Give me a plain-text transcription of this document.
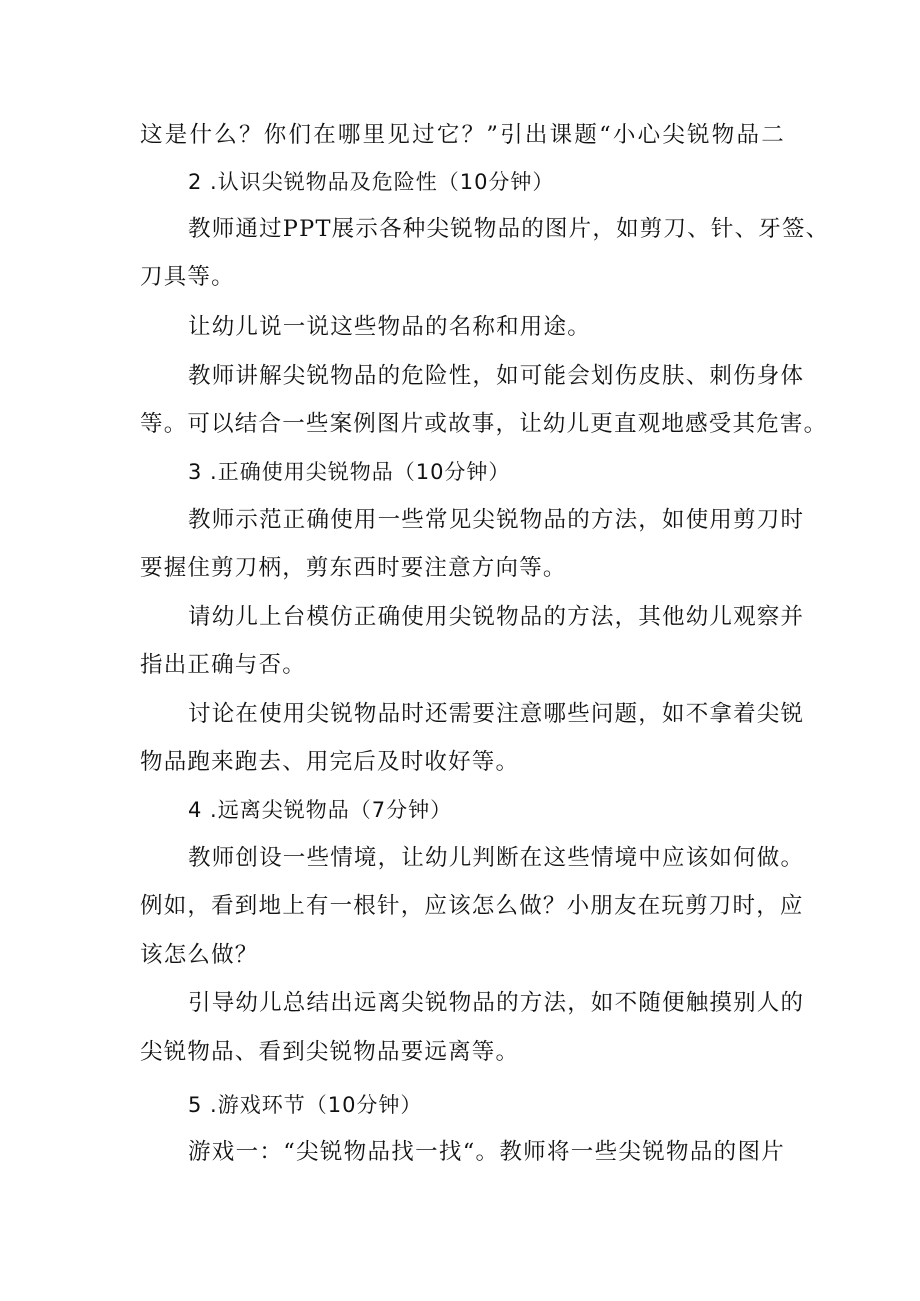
这是什么？你们在哪里见过它？”引出课题“小心尖锐物品二
2 .认识尖锐物品及危险性（10分钟）
教师通过PPT展示各种尖锐物品的图片，如剪刀、针、牙签、
刀具等。
让幼儿说一说这些物品的名称和用途。
教师讲解尖锐物品的危险性，如可能会划伤皮肤、刺伤身体
等。可以结合一些案例图片或故事，让幼儿更直观地感受其危害。
3 .正确使用尖锐物品（10分钟）
教师示范正确使用一些常见尖锐物品的方法，如使用剪刀时
要握住剪刀柄，剪东西时要注意方向等。
请幼儿上台模仿正确使用尖锐物品的方法，其他幼儿观察并
指出正确与否。
讨论在使用尖锐物品时还需要注意哪些问题，如不拿着尖锐
物品跑来跑去、用完后及时收好等。
4 .远离尖锐物品（7分钟）
教师创设一些情境，让幼儿判断在这些情境中应该如何做。
例如，看到地上有一根针，应该怎么做？小朋友在玩剪刀时，应
该怎么做？
引导幼儿总结出远离尖锐物品的方法，如不随便触摸别人的
尖锐物品、看到尖锐物品要远离等。
5 .游戏环节（10分钟）
游戏一：“尖锐物品找一找“。教师将一些尖锐物品的图片
